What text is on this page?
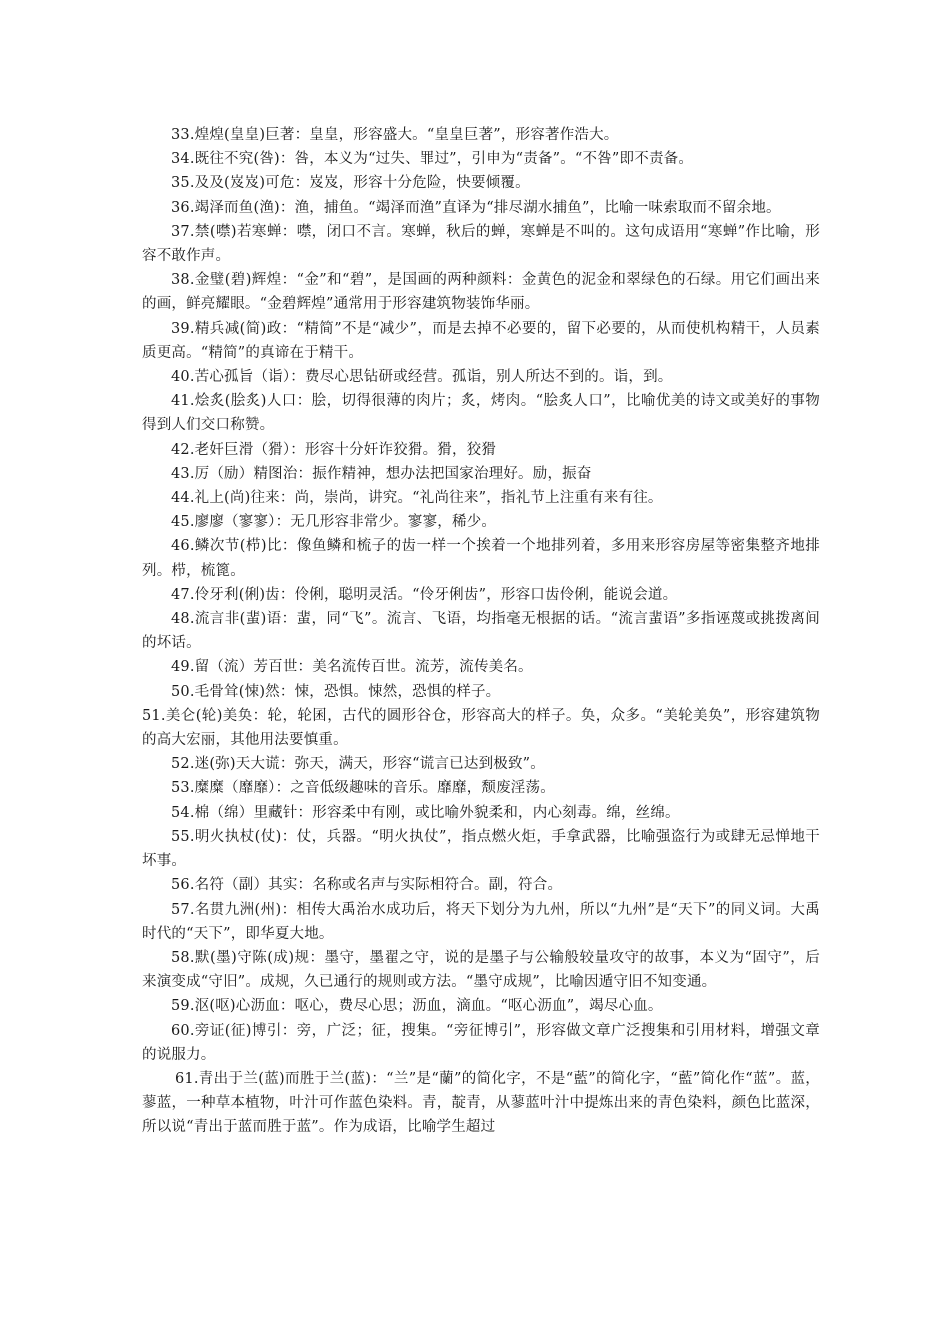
33.煌煌(皇皇)巨著：皇皇，形容盛大。“皇皇巨著”，形容著作浩大。

34.既往不究(咎)：咎，本义为“过失、罪过”，引申为“责备”。“不咎”即不责备。

35.及及(岌岌)可危：岌岌，形容十分危险，快要倾覆。

36.竭泽而鱼(渔)：渔，捕鱼。“竭泽而渔”直译为“排尽湖水捕鱼”，比喻一味索取而不留余地。

37.禁(噤)若寒蝉：噤，闭口不言。寒蝉，秋后的蝉，寒蝉是不叫的。这句成语用“寒蝉”作比喻，形容不敢作声。

38.金璧(碧)辉煌：“金”和“碧”，是国画的两种颜料：金黄色的泥金和翠绿色的石绿。用它们画出来的画，鲜亮耀眼。“金碧辉煌”通常用于形容建筑物装饰华丽。

39.精兵减(简)政：“精简”不是“减少”，而是去掉不必要的，留下必要的，从而使机构精干，人员素质更高。“精简”的真谛在于精干。

40.苦心孤旨（诣）：费尽心思钻研或经营。孤诣，别人所达不到的。诣，到。

41.烩炙(脍炙)人口：脍，切得很薄的肉片；炙，烤肉。“脍炙人口”，比喻优美的诗文或美好的事物得到人们交口称赞。

42.老奸巨滑（猾）：形容十分奸诈狡猾。猾，狡猾

43.厉（励）精图治：振作精神，想办法把国家治理好。励，振奋

44.礼上(尚)往来：尚，崇尚，讲究。“礼尚往来”，指礼节上注重有来有往。

45.廖廖（寥寥）：无几形容非常少。寥寥，稀少。

46.鳞次节(栉)比：像鱼鳞和梳子的齿一样一个挨着一个地排列着，多用来形容房屋等密集整齐地排列。栉，梳篦。

47.伶牙利(俐)齿：伶俐，聪明灵活。“伶牙俐齿”，形容口齿伶俐，能说会道。

48.流言非(蜚)语：蜚，同“飞”。流言、飞语，均指毫无根据的话。“流言蜚语”多指诬蔑或挑拨离间的坏话。

49.留（流）芳百世：美名流传百世。流芳，流传美名。

50.毛骨耸(悚)然：悚，恐惧。悚然，恐惧的样子。

51.美仑(轮)美奂：轮，轮囷，古代的圆形谷仓，形容高大的样子。奂，众多。“美轮美奂”，形容建筑物的高大宏丽，其他用法要慎重。

52.迷(弥)天大谎：弥天，满天，形容“谎言已达到极致”。

53.糜糜（靡靡）：之音低级趣味的音乐。靡靡，颓废淫荡。

54.棉（绵）里藏针：形容柔中有刚，或比喻外貌柔和，内心刻毒。绵，丝绵。

55.明火执杖(仗)：仗，兵器。“明火执仗”，指点燃火炬，手拿武器，比喻强盗行为或肆无忌惮地干坏事。

56.名符（副）其实：名称或名声与实际相符合。副，符合。

57.名贯九洲(州)：相传大禹治水成功后，将天下划分为九州，所以“九州”是“天下”的同义词。大禹时代的“天下”，即华夏大地。

58.默(墨)守陈(成)规：墨守，墨翟之守，说的是墨子与公输般较量攻守的故事，本义为“固守”，后来演变成“守旧”。成规，久已通行的规则或方法。“墨守成规”，比喻因遁守旧不知变通。

59.沤(呕)心沥血：呕心，费尽心思；沥血，滴血。“呕心沥血”，竭尽心血。

60.旁证(征)博引：旁，广泛；征，搜集。“旁征博引”，形容做文章广泛搜集和引用材料，增强文章的说服力。

61.青出于兰(蓝)而胜于兰(蓝)：“兰”是“蘭”的简化字，不是“藍”的简化字，“藍”简化作“蓝”。蓝，蓼蓝，一种草本植物，叶汁可作蓝色染料。青，靛青，从蓼蓝叶汁中提炼出来的青色染料，颜色比蓝深，所以说“青出于蓝而胜于蓝”。作为成语，比喻学生超过
